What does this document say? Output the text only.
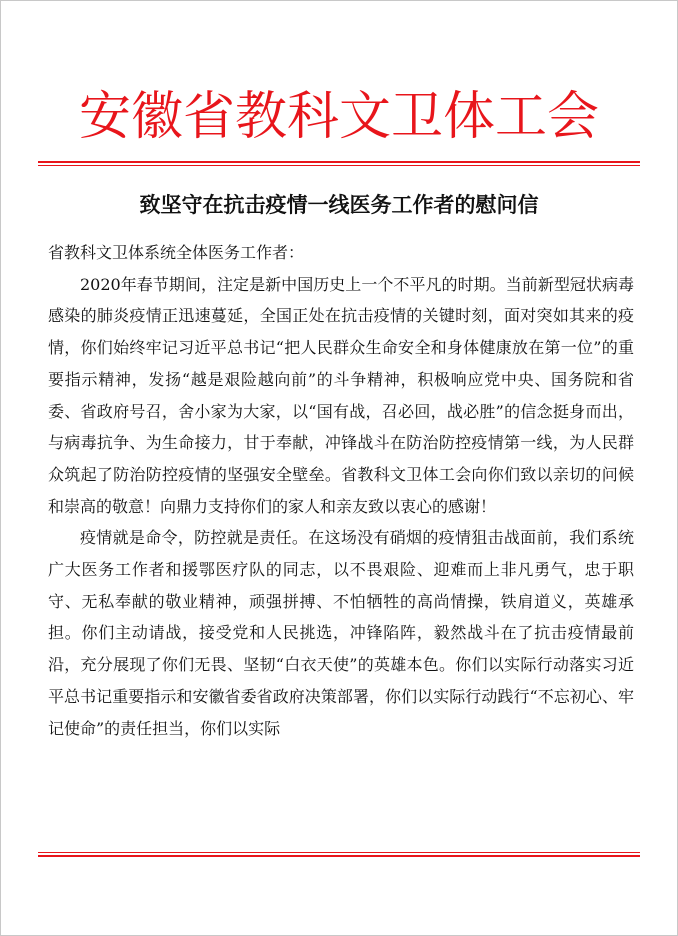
安徽省教科文卫体工会
致坚守在抗击疫情一线医务工作者的慰问信

省教科文卫体系统全体医务工作者：

2020年春节期间，注定是新中国历史上一个不平凡的时期。当前新型冠状病毒感染的肺炎疫情正迅速蔓延，全国正处在抗击疫情的关键时刻，面对突如其来的疫情，你们始终牢记习近平总书记“把人民群众生命安全和身体健康放在第一位”的重要指示精神，发扬“越是艰险越向前”的斗争精神，积极响应党中央、国务院和省委、省政府号召，舍小家为大家，以“国有战，召必回，战必胜”的信念挺身而出，与病毒抗争、为生命接力，甘于奉献，冲锋战斗在防治防控疫情第一线，为人民群众筑起了防治防控疫情的坚强安全壁垒。省教科文卫体工会向你们致以亲切的问候和崇高的敬意！向鼎力支持你们的家人和亲友致以衷心的感谢！

疫情就是命令，防控就是责任。在这场没有硝烟的疫情狙击战面前，我们系统广大医务工作者和援鄂医疗队的同志，以不畏艰险、迎难而上非凡勇气，忠于职守、无私奉献的敬业精神，顽强拼搏、不怕牺牲的高尚情操，铁肩道义，英雄承担。你们主动请战，接受党和人民挑选，冲锋陷阵，毅然战斗在了抗击疫情最前沿，充分展现了你们无畏、坚韧“白衣天使”的英雄本色。你们以实际行动落实习近平总书记重要指示和安徽省委省政府决策部署，你们以实际行动践行“不忘初心、牢记使命”的责任担当，你们以实际
